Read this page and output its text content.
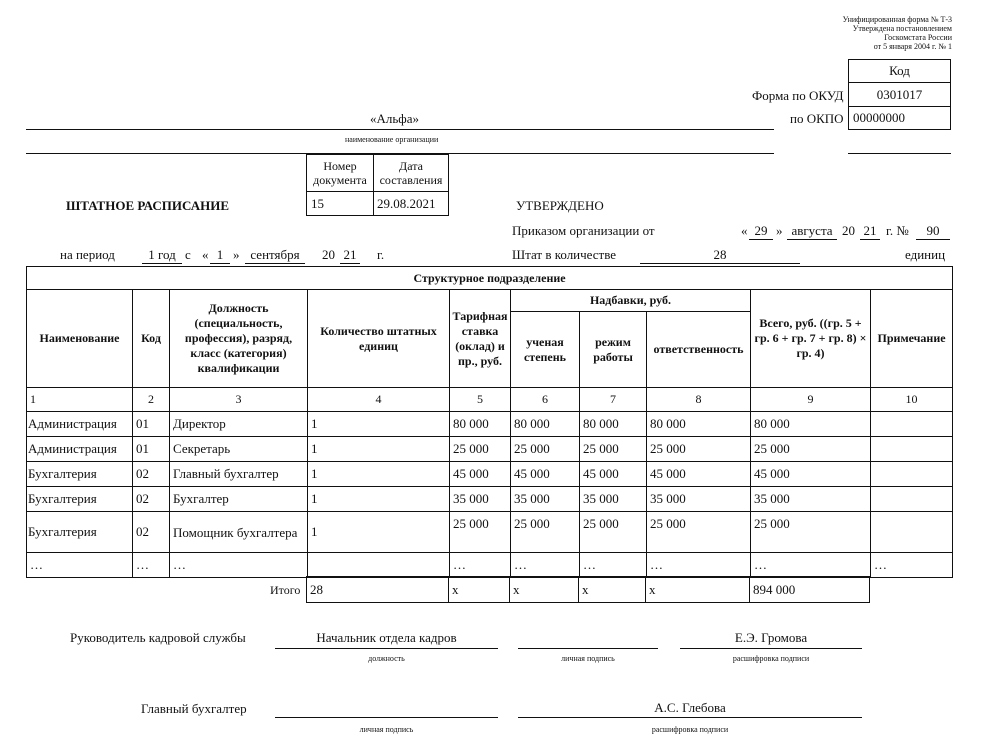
Унифицированная форма № Т-3
Утверждена постановлением
Госкомстата России
от 5 января 2004 г. № 1
Код
0301017
00000000
Форма по ОКУД
по ОКПО
«Альфа»
наименование организации
Номер документа
Дата составления
15	29.08.2021
ШТАТНОЕ РАСПИСАНИЕ	УТВЕРЖДЕНО
Приказом организации от	« 29 » августа 20 21 г. №	90
на период	1 год с « 1 » сентября	20 21 г.	Штат в количестве	28	единиц
Структурное подразделение									
Наименование	Код	Должность (специальность, профессия), разряд, класс (категория) квалификации	Количество штатных единиц	Тарифная ставка (оклад) и пр., руб.	Надбавки, руб.			Всего, руб. ((гр. 5 + гр. 6 + гр. 7 + гр. 8) × гр. 4)	Примечание
					ученая степень	режим работы	ответственность		
1	2	3	4	5	6	7	8	9	10
Администрация	01	Директор	1	80 000	80 000	80 000	80 000	80 000	
Администрация	01	Секретарь	1	25 000	25 000	25 000	25 000	25 000	
Бухгалтерия	02	Главный бухгалтер	1	45 000	45 000	45 000	45 000	45 000	
Бухгалтерия	02	Бухгалтер	1	35 000	35 000	35 000	35 000	35 000	
Бухгалтерия	02	Помощник бухгалтера	1	25 000	25 000	25 000	25 000	25 000	
…	…	…		…	…	…	…	…	…
Итого 28	x	x	x	x	894 000
Руководитель кадровой службы	Начальник отдела кадров
должность	личная подпись
Е.Э. Громова
расшифровка подписи
Главный бухгалтер
личная подпись
А.С. Глебова
расшифровка подписи
